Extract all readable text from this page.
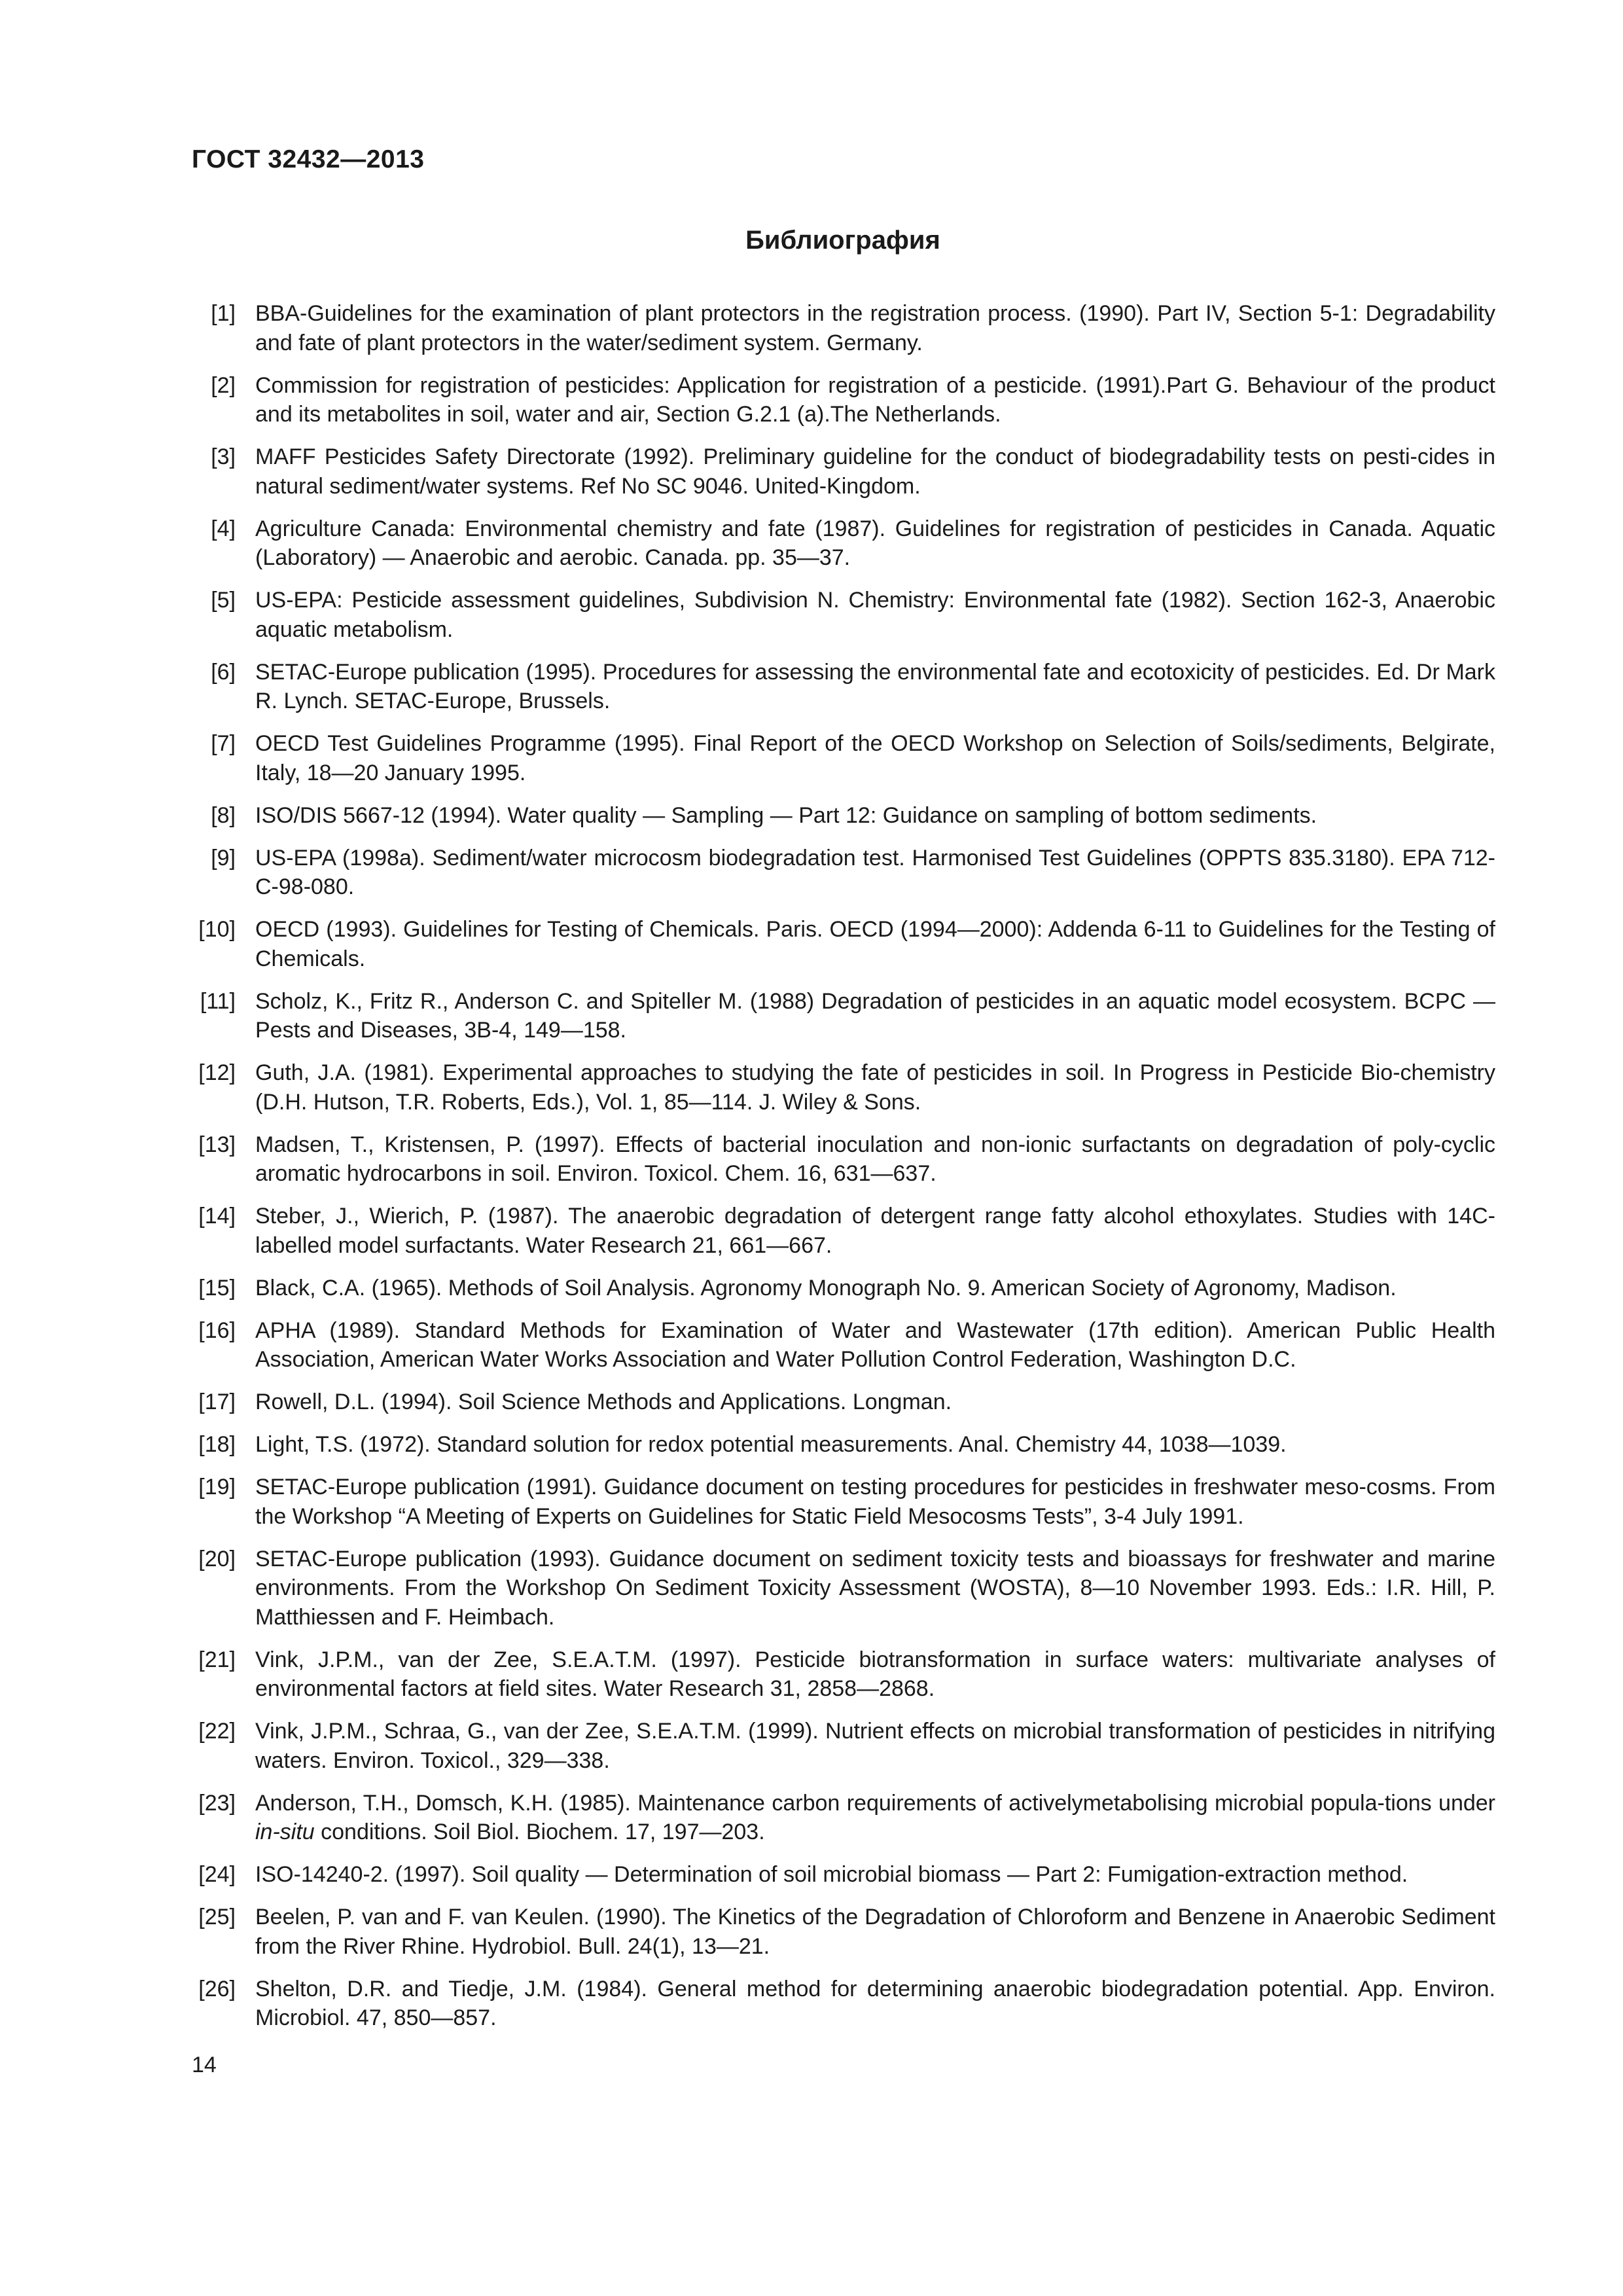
ГОСТ 32432—2013
Библиография
[1] BBA-Guidelines for the examination of plant protectors in the registration process. (1990). Part IV, Section 5-1: Degradability and fate of plant protectors in the water/sediment system. Germany.
[2] Commission for registration of pesticides: Application for registration of a pesticide. (1991).Part G. Behaviour of the product and its metabolites in soil, water and air, Section G.2.1 (a).The Netherlands.
[3] MAFF Pesticides Safety Directorate (1992). Preliminary guideline for the conduct of biodegradability tests on pesti-cides in natural sediment/water systems. Ref No SC 9046. United-Kingdom.
[4] Agriculture Canada: Environmental chemistry and fate (1987). Guidelines for registration of pesticides in Canada. Aquatic (Laboratory) — Anaerobic and aerobic. Canada. pp. 35—37.
[5] US-EPA: Pesticide assessment guidelines, Subdivision N. Chemistry: Environmental fate (1982). Section 162-3, Anaerobic aquatic metabolism.
[6] SETAC-Europe publication (1995). Procedures for assessing the environmental fate and ecotoxicity of pesticides. Ed. Dr Mark R. Lynch. SETAC-Europe, Brussels.
[7] OECD Test Guidelines Programme (1995). Final Report of the OECD Workshop on Selection of Soils/sediments, Belgirate, Italy, 18—20 January 1995.
[8] ISO/DIS 5667-12 (1994). Water quality — Sampling — Part 12: Guidance on sampling of bottom sediments.
[9] US-EPA (1998a). Sediment/water microcosm biodegradation test. Harmonised Test Guidelines (OPPTS 835.3180). EPA 712-C-98-080.
[10] OECD (1993). Guidelines for Testing of Chemicals. Paris. OECD (1994—2000): Addenda 6-11 to Guidelines for the Testing of Chemicals.
[11] Scholz, K., Fritz R., Anderson C. and Spiteller M. (1988) Degradation of pesticides in an aquatic model ecosystem. BCPC — Pests and Diseases, 3B-4, 149—158.
[12] Guth, J.A. (1981). Experimental approaches to studying the fate of pesticides in soil. In Progress in Pesticide Bio-chemistry (D.H. Hutson, T.R. Roberts, Eds.), Vol. 1, 85—114. J. Wiley & Sons.
[13] Madsen, T., Kristensen, P. (1997). Effects of bacterial inoculation and non-ionic surfactants on degradation of poly-cyclic aromatic hydrocarbons in soil. Environ. Toxicol. Chem. 16, 631—637.
[14] Steber, J., Wierich, P. (1987). The anaerobic degradation of detergent range fatty alcohol ethoxylates. Studies with 14C-labelled model surfactants. Water Research 21, 661—667.
[15] Black, C.A. (1965). Methods of Soil Analysis. Agronomy Monograph No. 9. American Society of Agronomy, Madison.
[16] APHA (1989). Standard Methods for Examination of Water and Wastewater (17th edition). American Public Health Association, American Water Works Association and Water Pollution Control Federation, Washington D.C.
[17] Rowell, D.L. (1994). Soil Science Methods and Applications. Longman.
[18] Light, T.S. (1972). Standard solution for redox potential measurements. Anal. Chemistry 44, 1038—1039.
[19] SETAC-Europe publication (1991). Guidance document on testing procedures for pesticides in freshwater meso-cosms. From the Workshop “A Meeting of Experts on Guidelines for Static Field Mesocosms Tests”, 3-4 July 1991.
[20] SETAC-Europe publication (1993). Guidance document on sediment toxicity tests and bioassays for freshwater and marine environments. From the Workshop On Sediment Toxicity Assessment (WOSTA), 8—10 November 1993. Eds.: I.R. Hill, P. Matthiessen and F. Heimbach.
[21] Vink, J.P.M., van der Zee, S.E.A.T.M. (1997). Pesticide biotransformation in surface waters: multivariate analyses of environmental factors at field sites. Water Research 31, 2858—2868.
[22] Vink, J.P.M., Schraa, G., van der Zee, S.E.A.T.M. (1999). Nutrient effects on microbial transformation of pesticides in nitrifying waters. Environ. Toxicol., 329—338.
[23] Anderson, T.H., Domsch, K.H. (1985). Maintenance carbon requirements of activelymetabolising microbial popula-tions under in-situ conditions. Soil Biol. Biochem. 17, 197—203.
[24] ISO-14240-2. (1997). Soil quality — Determination of soil microbial biomass — Part 2: Fumigation-extraction method.
[25] Beelen, P. van and F. van Keulen. (1990). The Kinetics of the Degradation of Chloroform and Benzene in Anaerobic Sediment from the River Rhine. Hydrobiol. Bull. 24(1), 13—21.
[26] Shelton, D.R. and Tiedje, J.M. (1984). General method for determining anaerobic biodegradation potential. App. Environ. Microbiol. 47, 850—857.
14
